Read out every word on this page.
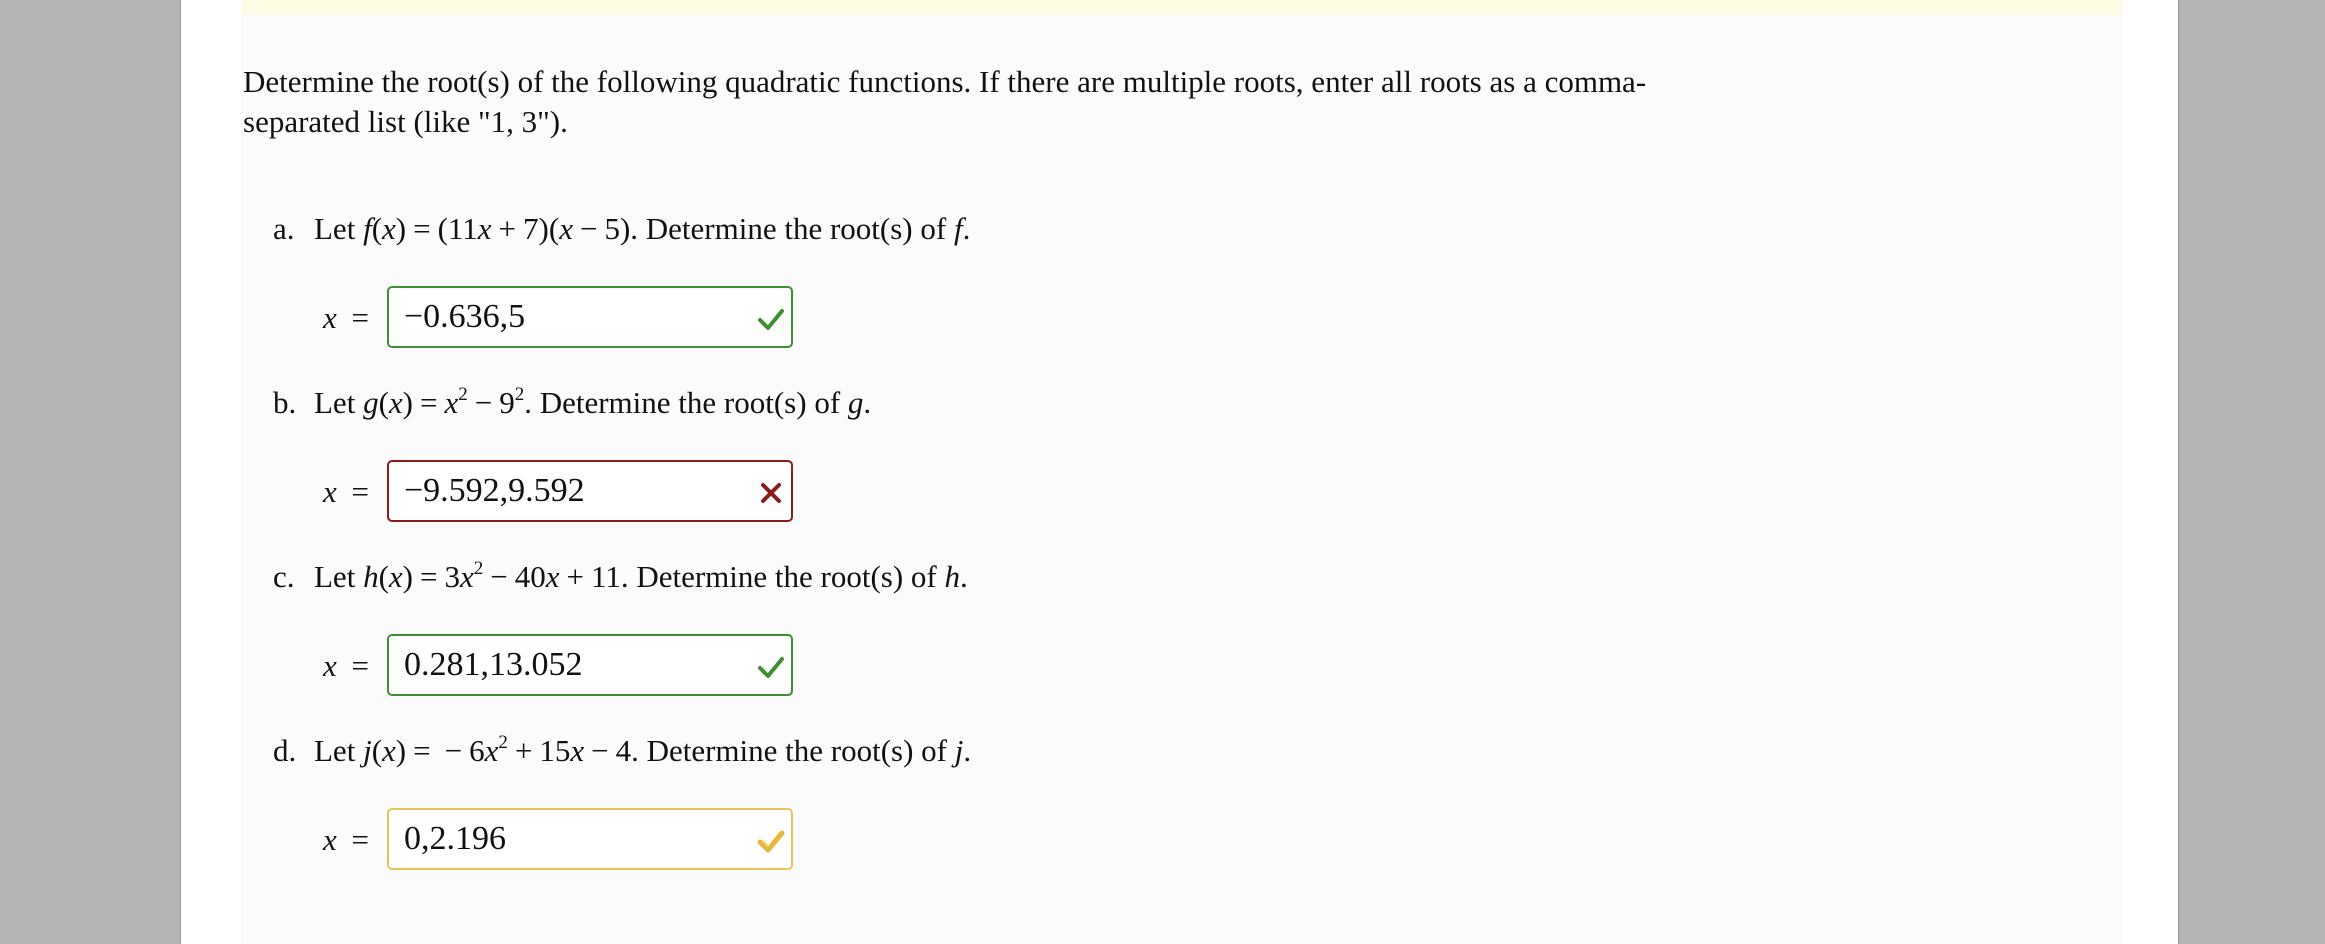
Determine the root(s) of the following quadratic functions. If there are multiple roots, enter all roots as a comma-separated list (like "1, 3").
a. Let f(x) = (11x + 7)(x − 5). Determine the root(s) of f.
x = −0.636,5
b. Let $g(x) = x^2 - 9^2$. Determine the root(s) of g.
x = −9.592,9.592
c. Let $h(x) = 3x^2 - 40x + 11$. Determine the root(s) of h.
x = 0.281,13.052
d. Let j(x) = − $6x^2 + 15x - 4$. Determine the root(s) of j.
x = 0,2.196
